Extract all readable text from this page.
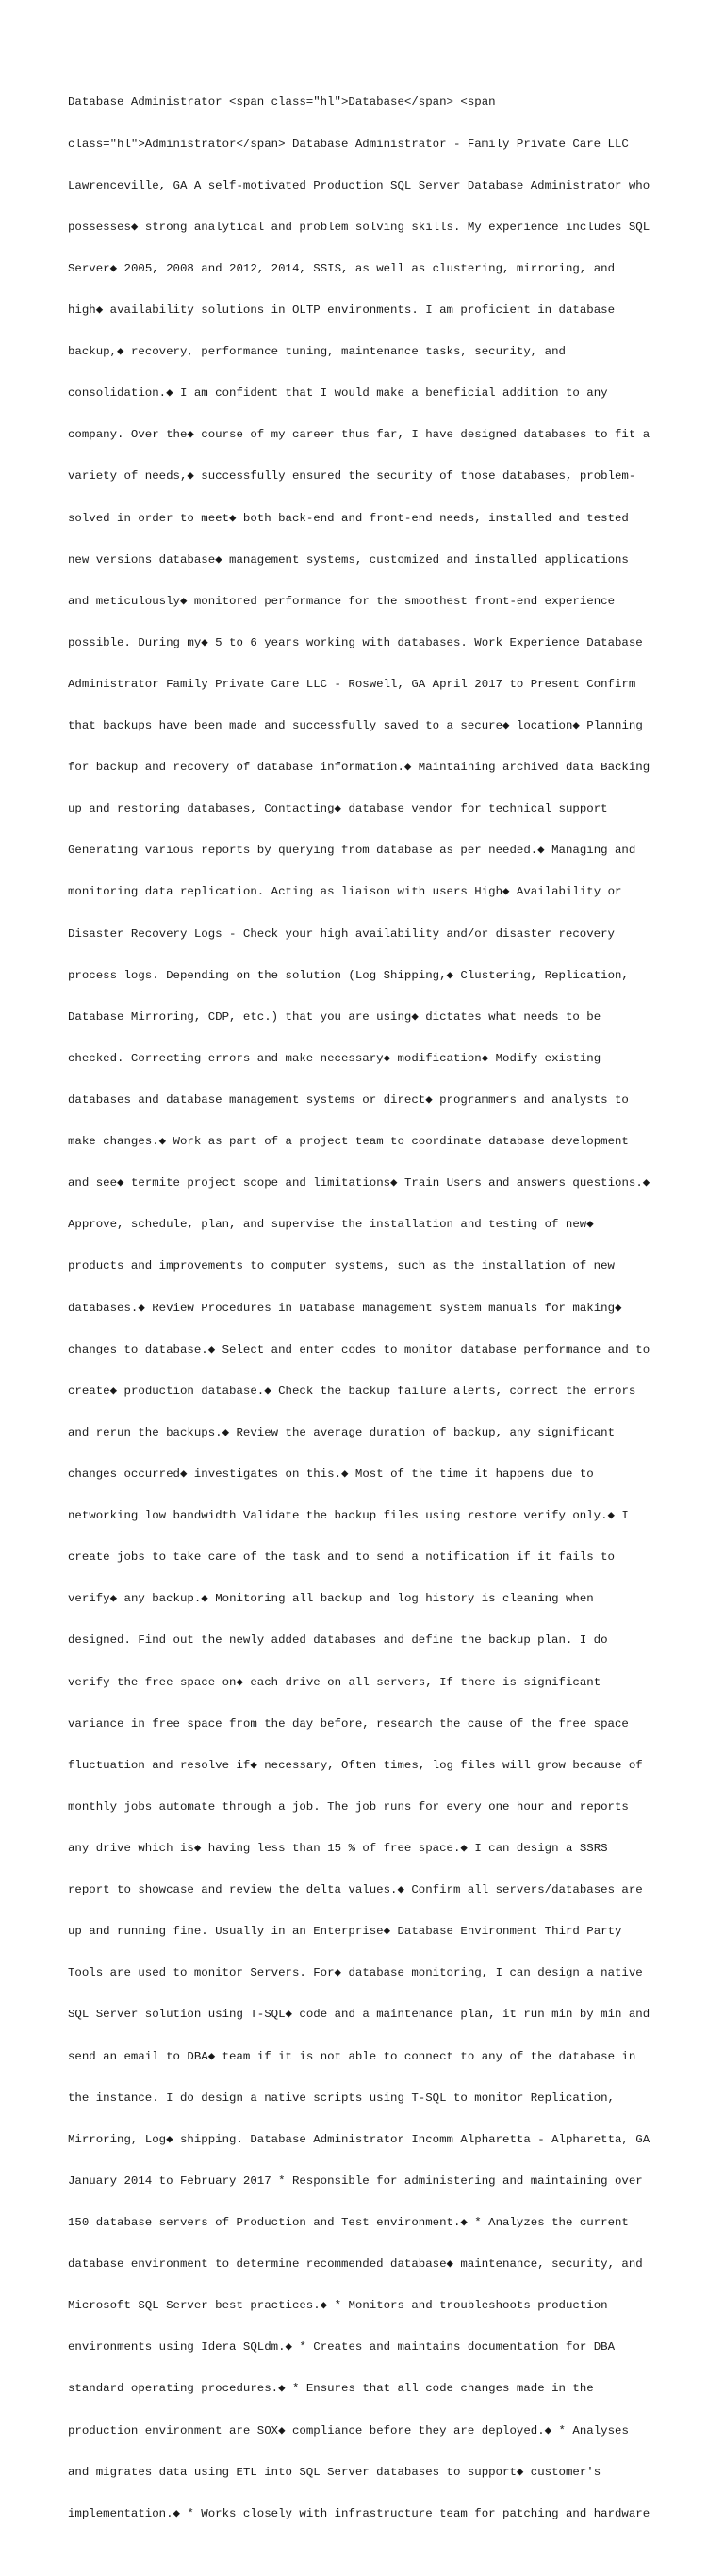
Database Administrator <span class="hl">Database</span> <span

class="hl">Administrator</span> Database Administrator - Family Private Care LLC

Lawrenceville, GA A self-motivated Production SQL Server Database Administrator who

possesses◆ strong analytical and problem solving skills. My experience includes SQL

Server◆ 2005, 2008 and 2012, 2014, SSIS, as well as clustering, mirroring, and

high◆ availability solutions in OLTP environments. I am proficient in database

backup,◆ recovery, performance tuning, maintenance tasks, security, and

consolidation.◆ I am confident that I would make a beneficial addition to any

company. Over the◆ course of my career thus far, I have designed databases to fit a

variety of needs,◆ successfully ensured the security of those databases, problem-

solved in order to meet◆ both back-end and front-end needs, installed and tested

new versions database◆ management systems, customized and installed applications

and meticulously◆ monitored performance for the smoothest front-end experience

possible. During my◆ 5 to 6 years working with databases. Work Experience Database

Administrator Family Private Care LLC - Roswell, GA April 2017 to Present Confirm

that backups have been made and successfully saved to a secure◆ location◆ Planning

for backup and recovery of database information.◆ Maintaining archived data Backing

up and restoring databases, Contacting◆ database vendor for technical support

Generating various reports by querying from database as per needed.◆ Managing and

monitoring data replication. Acting as liaison with users High◆ Availability or

Disaster Recovery Logs - Check your high availability and/or disaster recovery

process logs. Depending on the solution (Log Shipping,◆ Clustering, Replication,

Database Mirroring, CDP, etc.) that you are using◆ dictates what needs to be

checked. Correcting errors and make necessary◆ modification◆ Modify existing

databases and database management systems or direct◆ programmers and analysts to

make changes.◆ Work as part of a project team to coordinate database development

and see◆ termite project scope and limitations◆ Train Users and answers questions.◆

Approve, schedule, plan, and supervise the installation and testing of new◆

products and improvements to computer systems, such as the installation of new

databases.◆ Review Procedures in Database management system manuals for making◆

changes to database.◆ Select and enter codes to monitor database performance and to

create◆ production database.◆ Check the backup failure alerts, correct the errors

and rerun the backups.◆ Review the average duration of backup, any significant

changes occurred◆ investigates on this.◆ Most of the time it happens due to

networking low bandwidth Validate the backup files using restore verify only.◆ I

create jobs to take care of the task and to send a notification if it fails to

verify◆ any backup.◆ Monitoring all backup and log history is cleaning when

designed. Find out the newly added databases and define the backup plan. I do

verify the free space on◆ each drive on all servers, If there is significant

variance in free space from the day before, research the cause of the free space

fluctuation and resolve if◆ necessary, Often times, log files will grow because of

monthly jobs automate through a job. The job runs for every one hour and reports

any drive which is◆ having less than 15 % of free space.◆ I can design a SSRS

report to showcase and review the delta values.◆ Confirm all servers/databases are

up and running fine. Usually in an Enterprise◆ Database Environment Third Party

Tools are used to monitor Servers. For◆ database monitoring, I can design a native

SQL Server solution using T-SQL◆ code and a maintenance plan, it run min by min and

send an email to DBA◆ team if it is not able to connect to any of the database in

the instance. I do design a native scripts using T-SQL to monitor Replication,

Mirroring, Log◆ shipping. Database Administrator Incomm Alpharetta - Alpharetta, GA

January 2014 to February 2017 * Responsible for administering and maintaining over

150 database servers of Production and Test environment.◆ * Analyzes the current

database environment to determine recommended database◆ maintenance, security, and

Microsoft SQL Server best practices.◆ * Monitors and troubleshoots production

environments using Idera SQLdm.◆ * Creates and maintains documentation for DBA

standard operating procedures.◆ * Ensures that all code changes made in the

production environment are SOX◆ compliance before they are deployed.◆ * Analyses

and migrates data using ETL into SQL Server databases to support◆ customer's

implementation.◆ * Works closely with infrastructure team for patching and hardware
